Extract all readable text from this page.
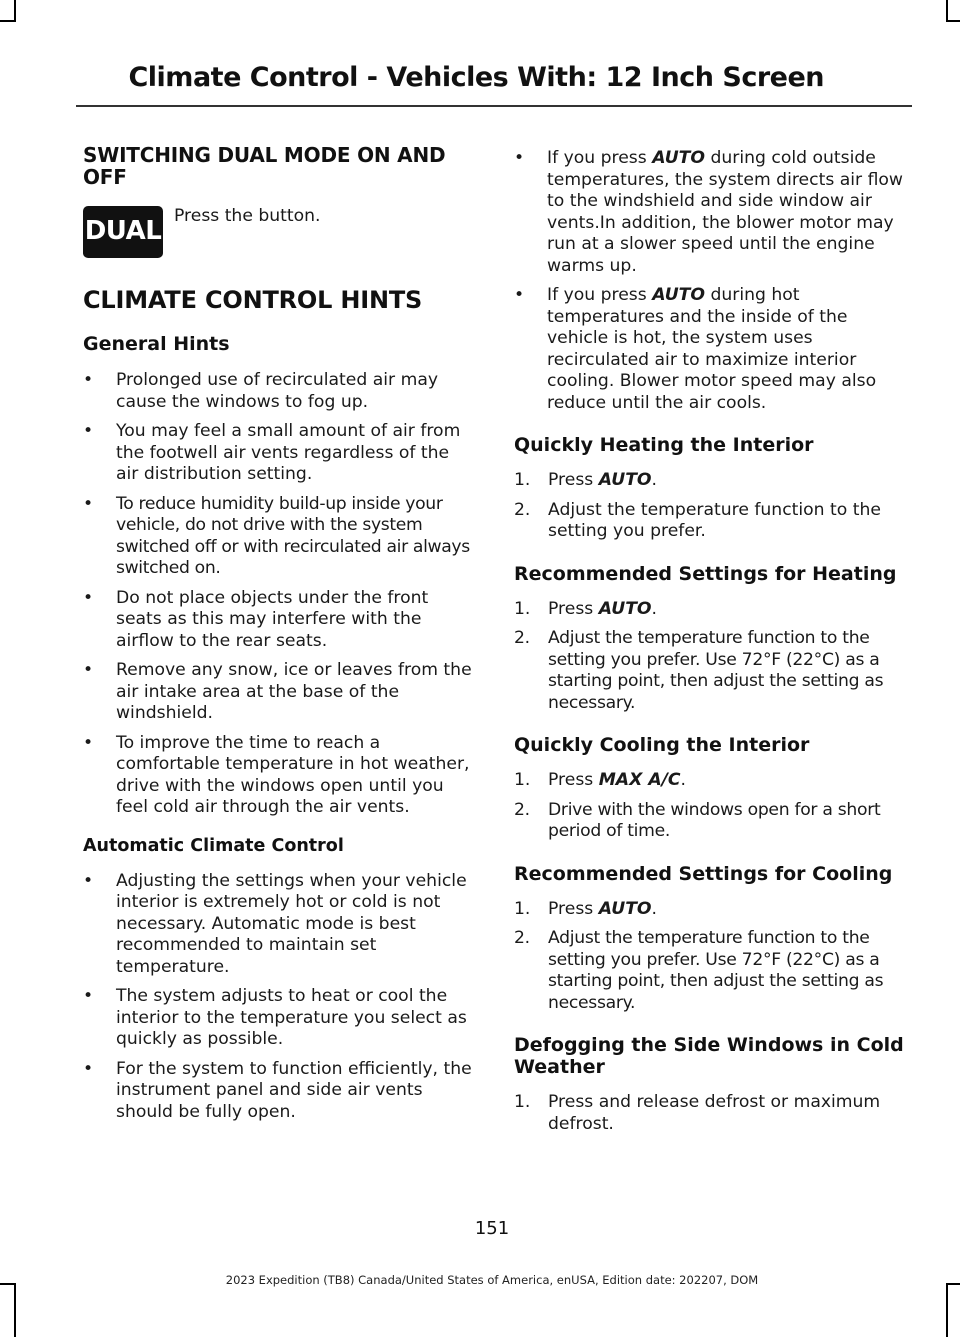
Climate Control - Vehicles With: 12 Inch Screen
SWITCHING DUAL MODE ON AND OFF
DUAL
Press the button.
CLIMATE CONTROL HINTS
General Hints
•	Prolonged use of recirculated air may cause the windows to fog up.
•	You may feel a small amount of air from the footwell air vents regardless of the air distribution setting.
•	To reduce humidity build-up inside your vehicle, do not drive with the system switched off or with recirculated air always switched on.
•	Do not place objects under the front seats as this may interfere with the airflow to the rear seats.
•	Remove any snow, ice or leaves from the air intake area at the base of the windshield.
•	To improve the time to reach a comfortable temperature in hot weather, drive with the windows open until you feel cold air through the air vents.
Automatic Climate Control
•	Adjusting the settings when your vehicle interior is extremely hot or cold is not necessary. Automatic mode is best recommended to maintain set temperature.
•	The system adjusts to heat or cool the interior to the temperature you select as quickly as possible.
•	For the system to function efficiently, the instrument panel and side air vents should be fully open.
•	If you press AUTO during cold outside temperatures, the system directs air flow to the windshield and side window air vents.In addition, the blower motor may run at a slower speed until the engine warms up.
•	If you press AUTO during hot temperatures and the inside of the vehicle is hot, the system uses recirculated air to maximize interior cooling. Blower motor speed may also reduce until the air cools.
Quickly Heating the Interior
1.	Press AUTO.
2.	Adjust the temperature function to the setting you prefer.
Recommended Settings for Heating
1.	Press AUTO.
2.	Adjust the temperature function to the setting you prefer. Use 72°F (22°C) as a starting point, then adjust the setting as necessary.
Quickly Cooling the Interior
1.	Press MAX A/C.
2.	Drive with the windows open for a short period of time.
Recommended Settings for Cooling
1.	Press AUTO.
2.	Adjust the temperature function to the setting you prefer. Use 72°F (22°C) as a starting point, then adjust the setting as necessary.
Defogging the Side Windows in Cold Weather
1.	Press and release defrost or maximum defrost.
151
2023 Expedition (TB8) Canada/United States of America, enUSA, Edition date: 202207, DOM
